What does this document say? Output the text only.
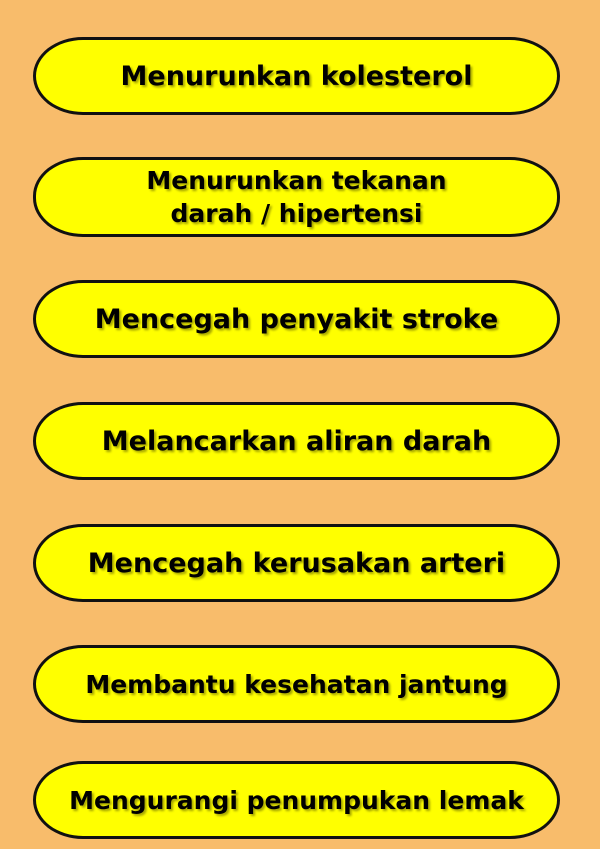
Menurunkan kolesterol
Menurunkan tekanan
darah / hipertensi
Mencegah penyakit stroke
Melancarkan aliran darah
Mencegah kerusakan arteri
Membantu kesehatan jantung
Mengurangi penumpukan lemak
